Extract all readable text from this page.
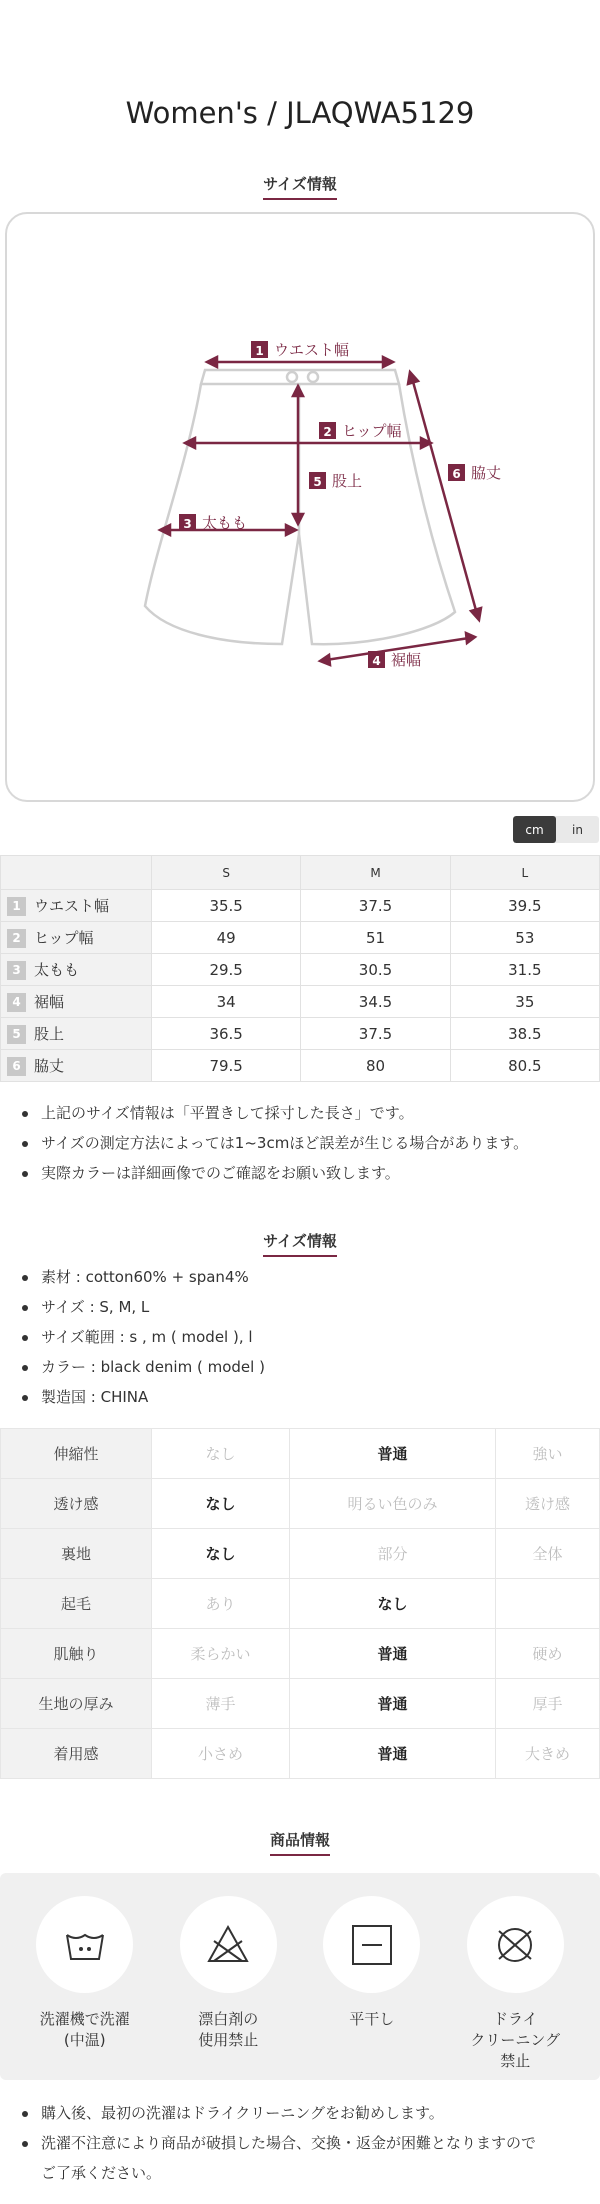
Women's / JLAQWA5129
サイズ情報
1 ウエスト幅
2 ヒップ幅
3 太もも
4 裾幅
5 股上	6 脇丈
cm	in
	S	M	L
1 ウエスト幅	35.5	37.5	39.5
2 ヒップ幅	49	51	53
3 太もも	29.5	30.5	31.5
4 裾幅	34	34.5	35
5 股上	36.5	37.5	38.5
6 脇丈	79.5	80	80.5
上記のサイズ情報は「平置きして採寸した長さ」です。
サイズの測定方法によっては1~3cmほど誤差が生じる場合があります。
実際カラーは詳細画像でのご確認をお願い致します。
サイズ情報
素材 : cotton60% + span4%
サイズ : S, M, L
サイズ範囲 : s , m ( model ), l
カラー : black denim ( model )
製造国 : CHINA
伸縮性	なし	普通	強い
透け感	なし	明るい色のみ	透け感
裏地	なし	部分	全体
起毛	あり	なし	
肌触り	柔らかい	普通	硬め
生地の厚み	薄手	普通	厚手
着用感	小さめ	普通	大きめ
商品情報
洗濯機で洗濯
(中温)
漂白剤の
使用禁止
平干し	ドライ
クリーニング
禁止
購入後、最初の洗濯はドライクリーニングをお勧めします。
洗濯不注意により商品が破損した場合、交換・返金が困難となりますので
ご了承ください。
